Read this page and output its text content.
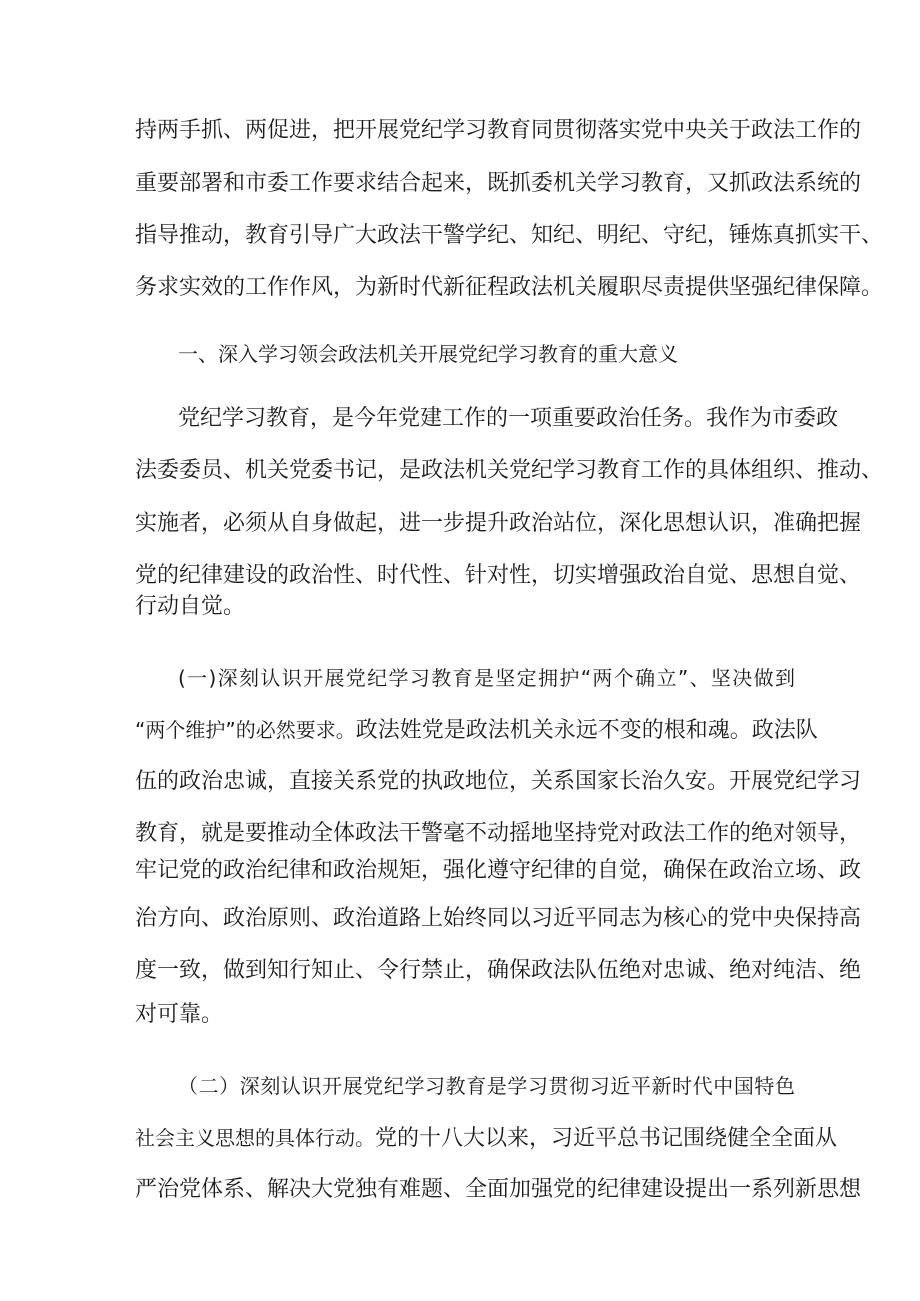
持两手抓、两促进，把开展党纪学习教育同贯彻落实党中央关于政法工作的
重要部署和市委工作要求结合起来，既抓委机关学习教育，又抓政法系统的
指导推动，教育引导广大政法干警学纪、知纪、明纪、守纪，锤炼真抓实干、
务求实效的工作作风，为新时代新征程政法机关履职尽责提供坚强纪律保障。
一、深入学习领会政法机关开展党纪学习教育的重大意义
党纪学习教育，是今年党建工作的一项重要政治任务。我作为市委政
法委委员、机关党委书记，是政法机关党纪学习教育工作的具体组织、推动、
实施者，必须从自身做起，进一步提升政治站位，深化思想认识，准确把握
党的纪律建设的政治性、时代性、针对性，切实增强政治自觉、思想自觉、
行动自觉。
(一)深刻认识开展党纪学习教育是坚定拥护“两个确立”、坚决做到
“两个维护”的必然要求。政法姓党是政法机关永远不变的根和魂。政法队
伍的政治忠诚，直接关系党的执政地位，关系国家长治久安。开展党纪学习
教育，就是要推动全体政法干警毫不动摇地坚持党对政法工作的绝对领导，
牢记党的政治纪律和政治规矩，强化遵守纪律的自觉，确保在政治立场、政
治方向、政治原则、政治道路上始终同以习近平同志为核心的党中央保持高
度一致，做到知行知止、令行禁止，确保政法队伍绝对忠诚、绝对纯洁、绝
对可靠。
（二）深刻认识开展党纪学习教育是学习贯彻习近平新时代中国特色
社会主义思想的具体行动。党的十八大以来，习近平总书记围绕健全全面从
严治党体系、解决大党独有难题、全面加强党的纪律建设提出一系列新思想
